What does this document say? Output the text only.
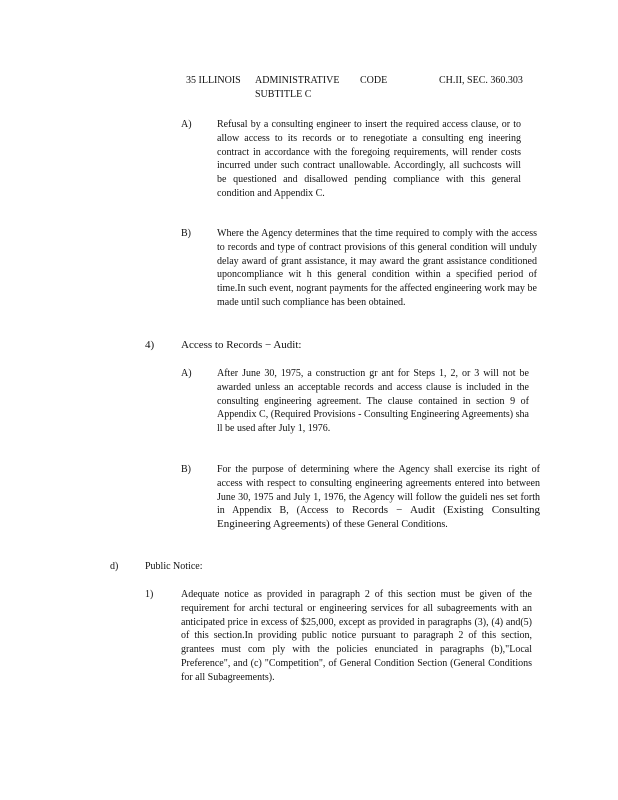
35 ILLINOIS ADMINISTRATIVE CODE	CH.II, SEC. 360.303
SUBTITLE C
A)	Refusal by a consulting engineer to insert the required access clause, or to allow access to its records or to renegotiate a consulting eng ineering contract in accordance with the foregoing requirements, will render costs incurred under such contract unallowable. Accordingly, all suchcosts will be questioned and disallowed pending compliance with this general condition and Appendix C.
B)	Where the Agency determines that the time required to comply with the access to records and type of contract provisions of this general condition will unduly delay award of grant assistance, it may award the grant assistance conditioned uponcompliance wit h this general condition within a specified period of time.In such event, nogrant payments for the affected engineering work may be made until such compliance has been obtained.
4) Access to Records − Audit:
A)	After June 30, 1975, a construction gr ant for Steps 1, 2, or 3 will not be awarded unless an acceptable records and access clause is included in the consulting engineering agreement. The clause contained in section 9 of Appendix C, (Required Provisions - Consulting Engineering Agreements) sha ll be used after July 1, 1976.
B)	For the purpose of determining where the Agency shall exercise its right of access with respect to consulting engineering agreements entered into between June 30, 1975 and July 1, 1976, the Agency will follow the guideli nes set forth in Appendix B, (Access to Records − Audit (Existing Consulting Engineering Agreements) of these General Conditions.
d)	Public Notice:
1)	Adequate notice as provided in paragraph 2 of this section must be given of the requirement for archi tectural or engineering services for all subagreements with an anticipated price in excess of $25,000, except as provided in paragraphs (3), (4) and(5) of this section.In providing public notice pursuant to paragraph 2 of this section, grantees must com ply with the policies enunciated in paragraphs (b),"Local Preference", and (c) "Competition", of General Condition Section (General Conditions for all Subagreements).
